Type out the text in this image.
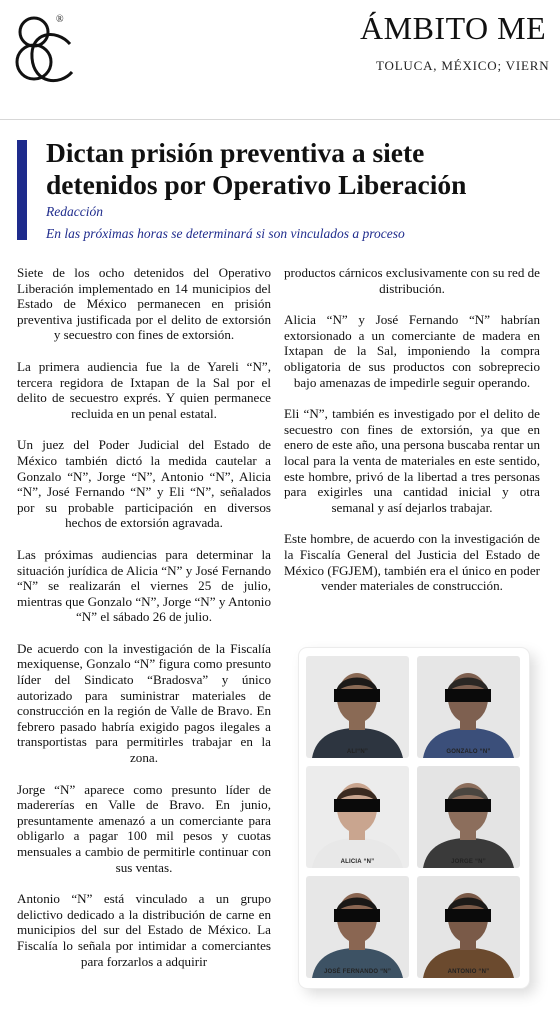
®	ÁMBITO ME
TOLUCA, MÉXICO; VIERN
Dictan prisión preventiva a siete
detenidos por Operativo Liberación
Redacción
En las próximas horas se determinará si son vinculados a proceso

Siete de los ocho detenidos del Operativo Liberación implementado en 14 municipios del Estado de México permanecen en prisión preventiva justificada por el delito de extorsión y secuestro con fines de extorsión.

La primera audiencia fue la de Yareli “N”, tercera regidora de Ixtapan de la Sal por el delito de secuestro exprés. Y quien permanece recluida en un penal estatal.

Un juez del Poder Judicial del Estado de México también dictó la medida cautelar a Gonzalo “N”, Jorge “N”, Antonio “N”, Alicia “N”, José Fernando “N” y Eli “N”, señalados por su probable participación en diversos hechos de extorsión agravada.

Las próximas audiencias para determinar la situación jurídica de Alicia “N” y José Fernando “N” se realizarán el viernes 25 de julio, mientras que Gonzalo “N”, Jorge “N” y Antonio “N” el sábado 26 de julio.

De acuerdo con la investigación de la Fiscalía mexiquense, Gonzalo “N” figura como presunto líder del Sindicato “Bradosva” y único autorizado para suministrar materiales de construcción en la región de Valle de Bravo. En febrero pasado habría exigido pagos ilegales a transportistas para permitirles trabajar en la zona.

Jorge “N” aparece como presunto líder de madererías en Valle de Bravo. En junio, presuntamente amenazó a un comerciante para obligarlo a pagar 100 mil pesos y cuotas mensuales a cambio de permitirle continuar con sus ventas.

Antonio “N” está vinculado a un grupo delictivo dedicado a la distribución de carne en municipios del sur del Estado de México. La Fiscalía lo señala por intimidar a comerciantes para forzarlos a adquirir

productos cárnicos exclusivamente con su red de distribución.

Alicia “N” y José Fernando “N” habrían extorsionado a un comerciante de madera en Ixtapan de la Sal, imponiendo la compra obligatoria de sus productos con sobreprecio bajo amenazas de impedirle seguir operando.

Eli “N”, también es investigado por el delito de secuestro con fines de extorsión, ya que en enero de este año, una persona buscaba rentar un local para la venta de materiales en este sentido, este hombre, privó de la libertad a tres personas para exigirles una cantidad inicial y otra semanal y así dejarlos trabajar.

Este hombre, de acuerdo con la investigación de la Fiscalía General del Justicia del Estado de México (FGJEM), también era el único en poder vender materiales de construcción.

ALI“N”	GONZALO “N”
ALICIA “N”	JORGE “N”
JOSÉ FERNANDO “N”	ANTONIO “N”
